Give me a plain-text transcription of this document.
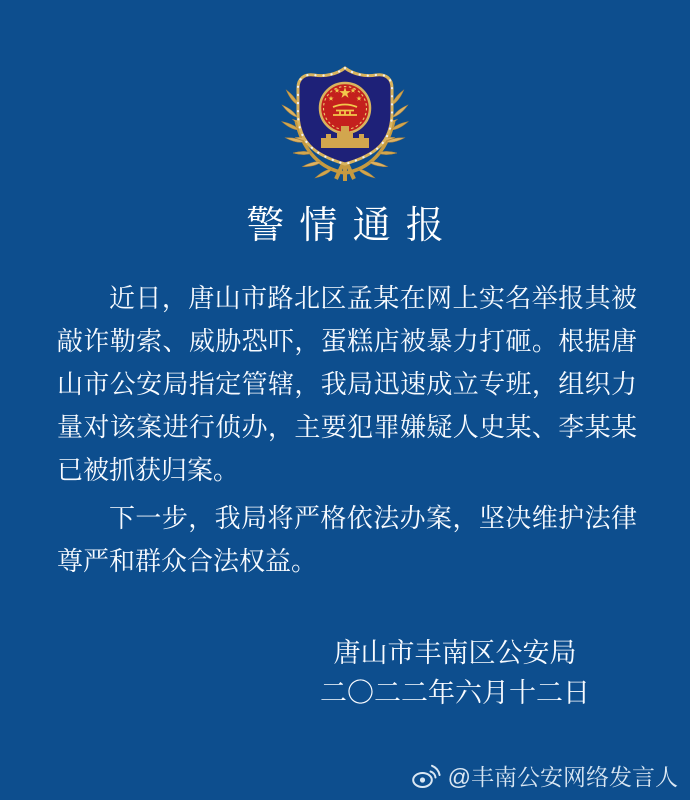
警情通报
近日，唐山市路北区孟某在网上实名举报其被
敲诈勒索、威胁恐吓，蛋糕店被暴力打砸。根据唐
山市公安局指定管辖，我局迅速成立专班，组织力
量对该案进行侦办，主要犯罪嫌疑人史某、李某某
已被抓获归案。
下一步，我局将严格依法办案，坚决维护法律
尊严和群众合法权益。
唐山市丰南区公安局
二〇二二年六月十二日
@丰南公安网络发言人
